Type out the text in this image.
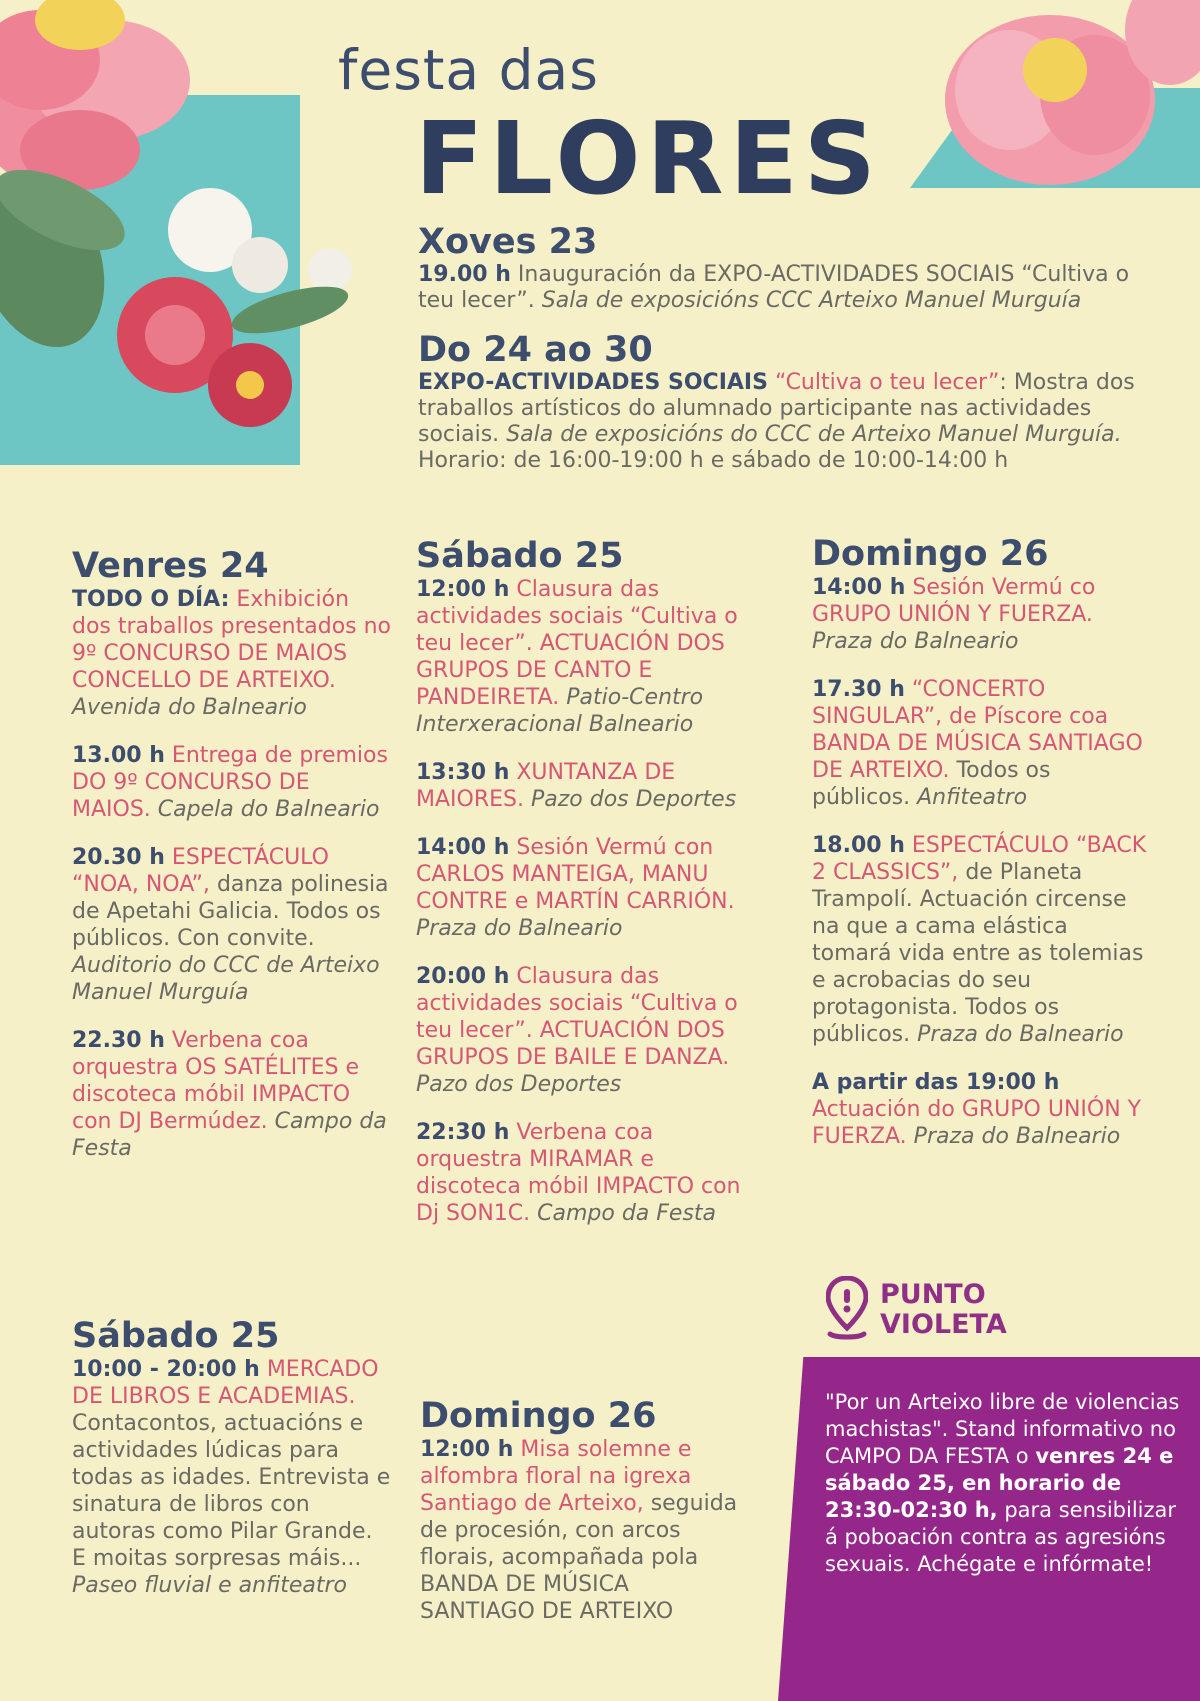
festa das
FLORES
Xoves 23
19.00 h Inauguración da EXPO-ACTIVIDADES SOCIAIS “Cultiva o teu lecer”. Sala de exposicións CCC Arteixo Manuel Murguía
Do 24 ao 30
EXPO-ACTIVIDADES SOCIAIS “Cultiva o teu lecer”: Mostra dos traballos artísticos do alumnado participante nas actividades sociais. Sala de exposicións do CCC de Arteixo Manuel Murguía. Horario: de 16:00-19:00 h e sábado de 10:00-14:00 h
Venres 24
TODO O DÍA: Exhibición dos traballos presentados no 9º CONCURSO DE MAIOS CONCELLO DE ARTEIXO. Avenida do Balneario
13.00 h Entrega de premios DO 9º CONCURSO DE MAIOS. Capela do Balneario
20.30 h ESPECTÁCULO “NOA, NOA”, danza polinesia de Apetahi Galicia. Todos os públicos. Con convite. Auditorio do CCC de Arteixo Manuel Murguía
22.30 h Verbena coa orquestra OS SATÉLITES e discoteca móbil IMPACTO con DJ Bermúdez. Campo da Festa
Sábado 25
10:00 - 20:00 h MERCADO DE LIBROS E ACADEMIAS. Contacontos, actuacións e actividades lúdicas para todas as idades. Entrevista e sinatura de libros con autoras como Pilar Grande. E moitas sorpresas máis... Paseo fluvial e anfiteatro
Sábado 25
12:00 h Clausura das actividades sociais “Cultiva o teu lecer”. ACTUACIÓN DOS GRUPOS DE CANTO E PANDEIRETA. Patio-Centro Interxeracional Balneario
13:30 h XUNTANZA DE MAIORES. Pazo dos Deportes
14:00 h Sesión Vermú con CARLOS MANTEIGA, MANU CONTRE e MARTÍN CARRIÓN. Praza do Balneario
20:00 h Clausura das actividades sociais “Cultiva o teu lecer”. ACTUACIÓN DOS GRUPOS DE BAILE E DANZA. Pazo dos Deportes
22:30 h Verbena coa orquestra MIRAMAR e discoteca móbil IMPACTO con Dj SON1C. Campo da Festa
Domingo 26
12:00 h Misa solemne e alfombra floral na igrexa Santiago de Arteixo, seguida de procesión, con arcos florais, acompañada pola BANDA DE MÚSICA SANTIAGO DE ARTEIXO
Domingo 26
14:00 h Sesión Vermú co GRUPO UNIÓN Y FUERZA. Praza do Balneario
17.30 h “CONCERTO SINGULAR”, de Píscore coa BANDA DE MÚSICA SANTIAGO DE ARTEIXO. Todos os públicos. Anfiteatro
18.00 h ESPECTÁCULO “BACK 2 CLASSICS”, de Planeta Trampolí. Actuación circense na que a cama elástica tomará vida entre as tolemias e acrobacias do seu protagonista. Todos os públicos. Praza do Balneario
A partir das 19:00 h
Actuación do GRUPO UNIÓN Y FUERZA. Praza do Balneario
PUNTO
VIOLETA
"Por un Arteixo libre de violencias machistas". Stand informativo no CAMPO DA FESTA o venres 24 e sábado 25, en horario de 23:30-02:30 h, para sensibilizar á poboación contra as agresións sexuais. Achégate e infórmate!
